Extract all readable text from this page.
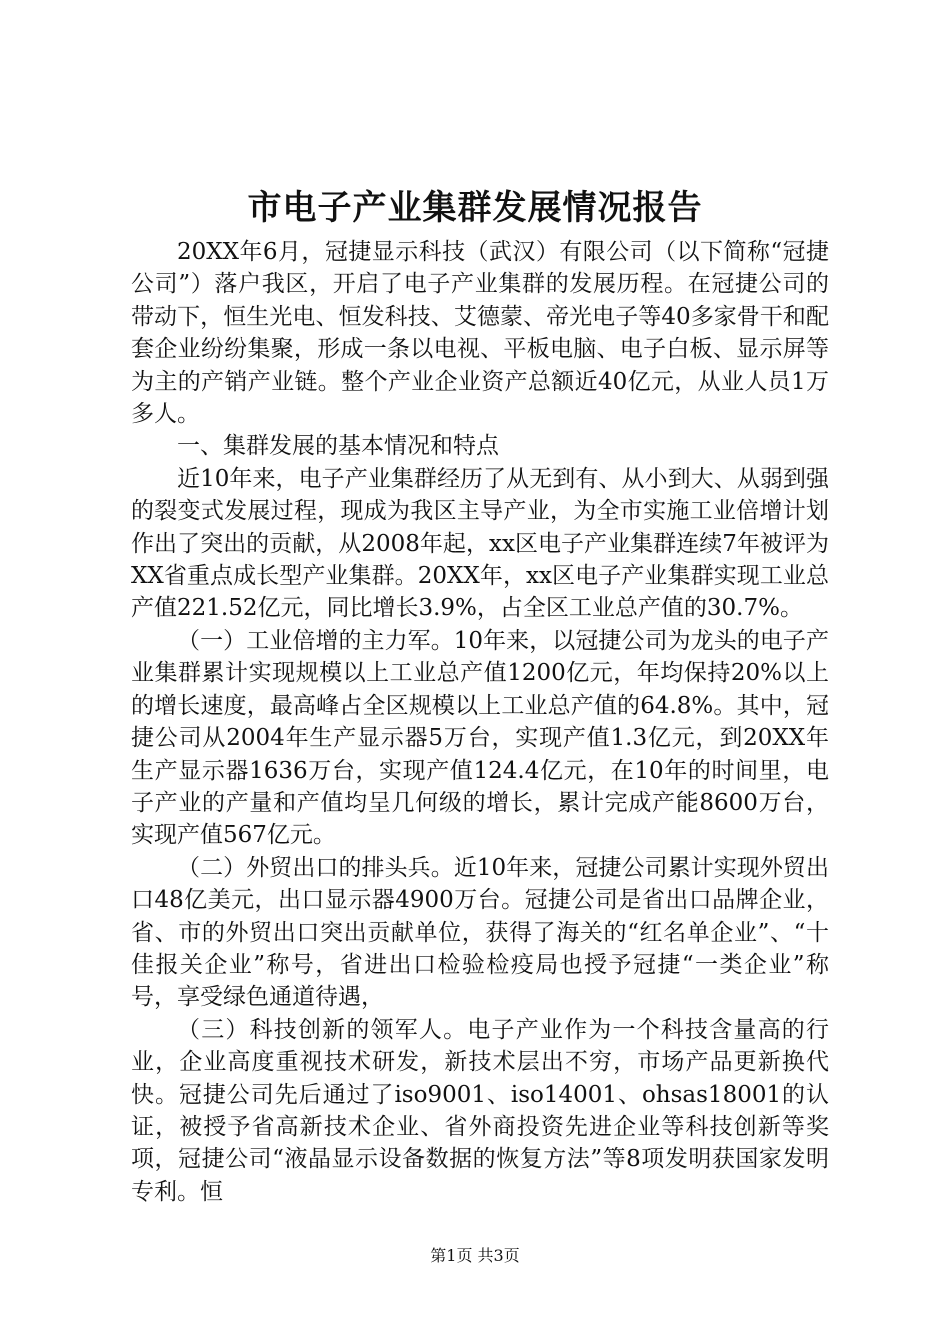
市电子产业集群发展情况报告

20XX年6月，冠捷显示科技（武汉）有限公司（以下简称“冠捷公司”）落户我区，开启了电子产业集群的发展历程。在冠捷公司的带动下，恒生光电、恒发科技、艾德蒙、帝光电子等40多家骨干和配套企业纷纷集聚，形成一条以电视、平板电脑、电子白板、显示屏等为主的产销产业链。整个产业企业资产总额近40亿元，从业人员1万多人。

一、集群发展的基本情况和特点

近10年来，电子产业集群经历了从无到有、从小到大、从弱到强的裂变式发展过程，现成为我区主导产业，为全市实施工业倍增计划作出了突出的贡献，从2008年起，xx区电子产业集群连续7年被评为XX省重点成长型产业集群。20XX年，xx区电子产业集群实现工业总产值221.52亿元，同比增长3.9%，占全区工业总产值的30.7%。

（一）工业倍增的主力军。10年来，以冠捷公司为龙头的电子产业集群累计实现规模以上工业总产值1200亿元，年均保持20%以上的增长速度，最高峰占全区规模以上工业总产值的64.8%。其中，冠捷公司从2004年生产显示器5万台，实现产值1.3亿元，到20XX年生产显示器1636万台，实现产值124.4亿元，在10年的时间里，电子产业的产量和产值均呈几何级的增长，累计完成产能8600万台，实现产值567亿元。

（二）外贸出口的排头兵。近10年来，冠捷公司累计实现外贸出口48亿美元，出口显示器4900万台。冠捷公司是省出口品牌企业，省、市的外贸出口突出贡献单位，获得了海关的“红名单企业”、“十佳报关企业”称号，省进出口检验检疫局也授予冠捷“一类企业”称号，享受绿色通道待遇，

（三）科技创新的领军人。电子产业作为一个科技含量高的行业，企业高度重视技术研发，新技术层出不穷，市场产品更新换代快。冠捷公司先后通过了iso9001、iso14001、ohsas18001的认证，被授予省高新技术企业、省外商投资先进企业等科技创新等奖项，冠捷公司“液晶显示设备数据的恢复方法”等8项发明获国家发明专利。恒

第1页 共3页
